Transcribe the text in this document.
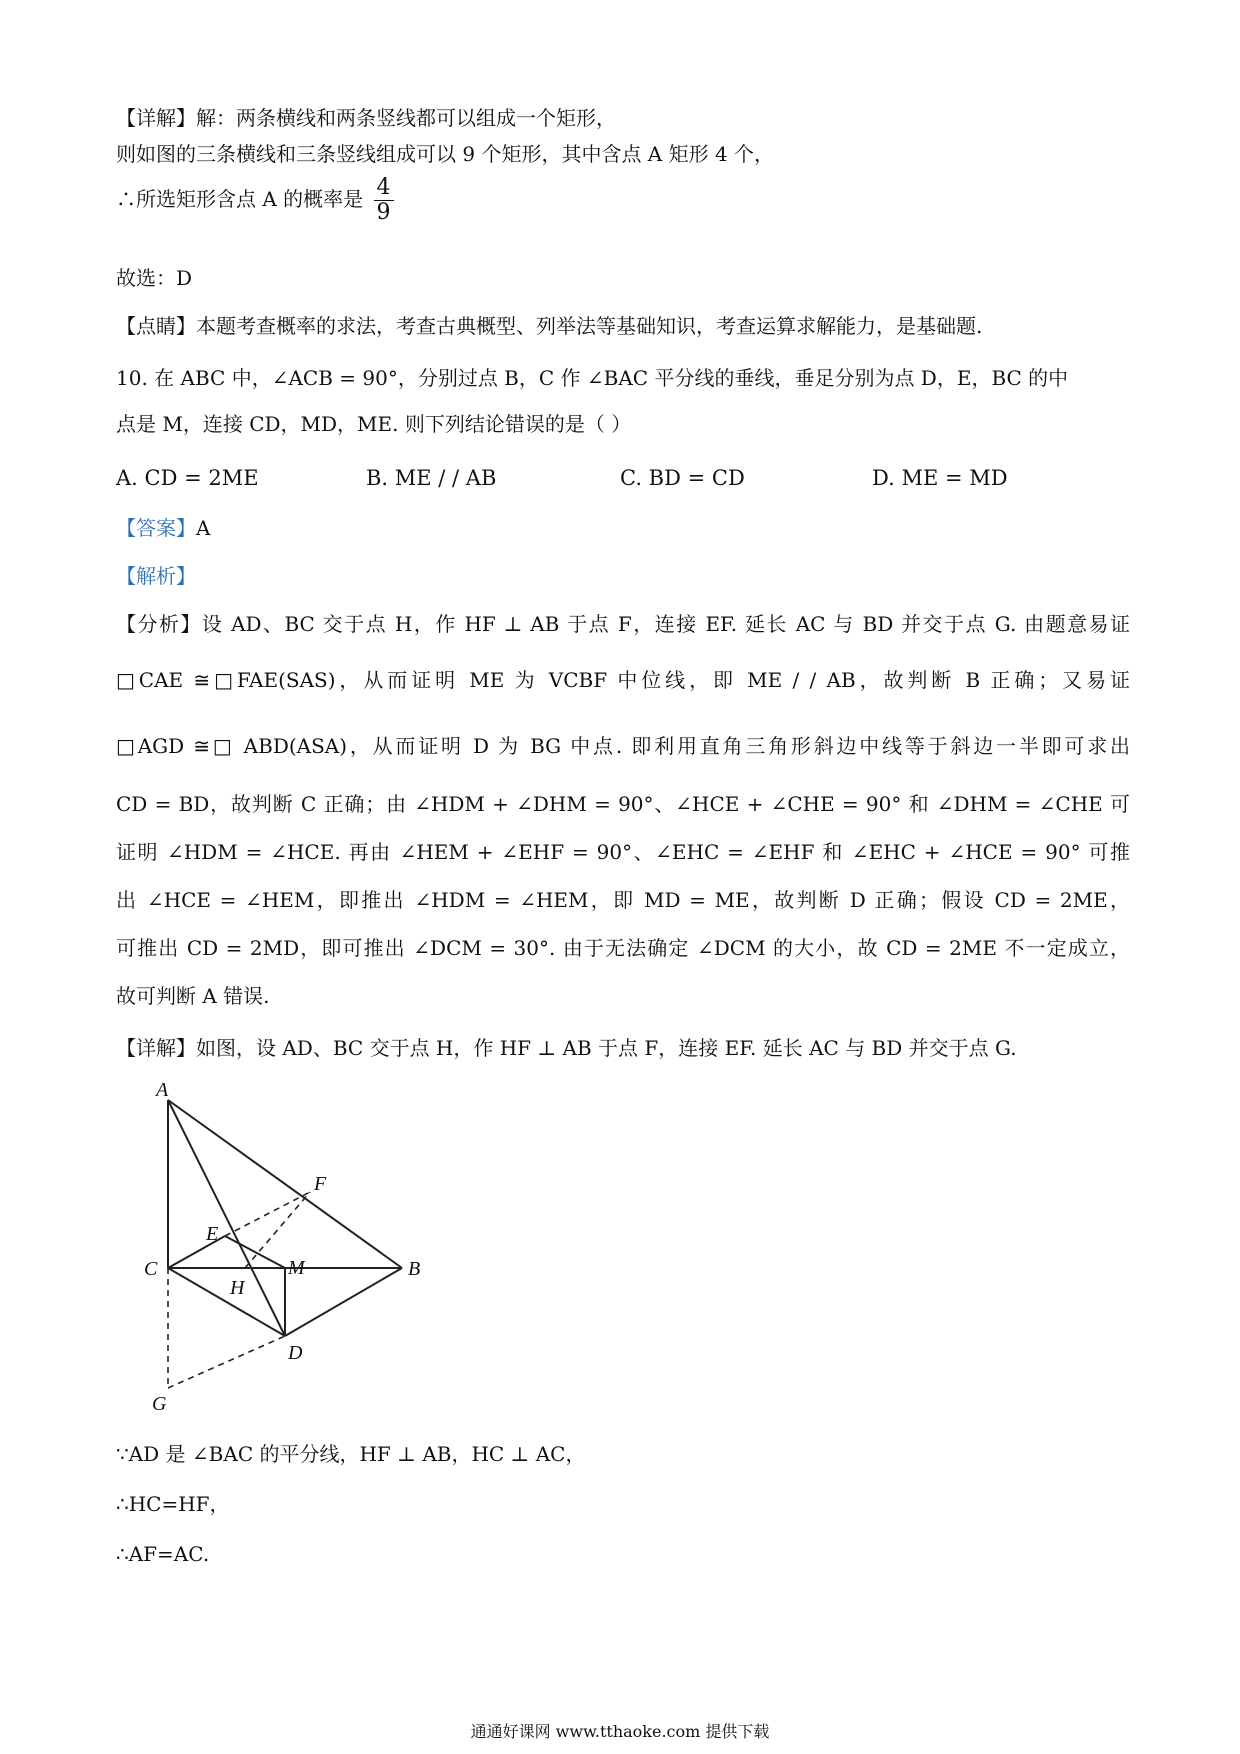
【详解】解：两条横线和两条竖线都可以组成一个矩形，
则如图的三条横线和三条竖线组成可以 9 个矩形，其中含点 A 矩形 4 个，
∴所选矩形含点 A 的概率是 $\frac{4}{9}$
故选：D
【点睛】本题考查概率的求法，考查古典概型、列举法等基础知识，考查运算求解能力，是基础题.
10. 在 ABC 中，∠ACB = 90°，分别过点 B，C 作 ∠BAC 平分线的垂线，垂足分别为点 D，E，BC 的中
点是 M，连接 CD，MD，ME. 则下列结论错误的是（ ）
A. CD = 2ME	B. ME / / AB	C. BD = CD	D. ME = MD
【答案】A
【解析】
【分析】设 AD、BC 交于点 H，作 HF ⊥ AB 于点 F，连接 EF. 延长 AC 与 BD 并交于点 G. 由题意易证
□CAE ≅□FAE(SAS)，从而证明 ME 为 VCBF 中位线，即 ME / / AB，故判断 B 正确；又易证
□AGD ≅□ ABD(ASA)，从而证明 D 为 BG 中点. 即利用直角三角形斜边中线等于斜边一半即可求出
CD = BD，故判断 C 正确；由 ∠HDM + ∠DHM = 90°、∠HCE + ∠CHE = 90° 和 ∠DHM = ∠CHE 可
证明 ∠HDM = ∠HCE. 再由 ∠HEM + ∠EHF = 90°、∠EHC = ∠EHF 和 ∠EHC + ∠HCE = 90° 可推
出 ∠HCE = ∠HEM，即推出 ∠HDM = ∠HEM，即 MD = ME，故判断 D 正确；假设 CD = 2ME，
可推出 CD = 2MD，即可推出 ∠DCM = 30°. 由于无法确定 ∠DCM 的大小，故 CD = 2ME 不一定成立，
故可判断 A 错误.
【详解】如图，设 AD、BC 交于点 H，作 HF ⊥ AB 于点 F，连接 EF. 延长 AC 与 BD 并交于点 G.
A
F
E
C	M	B
H
D
G
∵AD 是 ∠BAC 的平分线，HF ⊥ AB，HC ⊥ AC，
∴HC=HF，
∴AF=AC.
通通好课网 www.tthaoke.com 提供下载
